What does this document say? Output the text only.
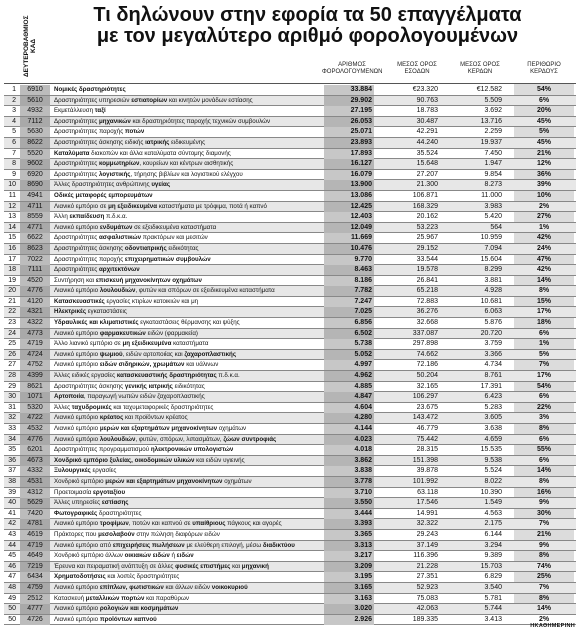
Τι δηλώνουν στην εφορία τα 50 επαγγέλματα
με τον μεγαλύτερο αριθμό φορολογουμένων
ΔΕΥΤΕΡΟΒΑΘΜΙΟΣ ΚΑΔ
ΑΡΙΘΜΟΣ
ΦΟΡΟΛΟΓΟΥΜΕΝΩΝ
ΜΕΣΟΣ ΟΡΟΣ
ΕΣΟΔΩΝ
ΜΕΣΟΣ ΟΡΟΣ
ΚΕΡΔΩΝ
ΠΕΡΙΘΩΡΙΟ
ΚΕΡΔΟΥΣ
1	6910	Νομικές δραστηριότητες	33.884	€23.320	€12.582	54%
2	5610	Δραστηριότητες υπηρεσιών εστιατορίων και κινητών μονάδων εστίασης	29.902	90.763	5.509	6%
3	4932	Εκμετάλλευση ταξί	27.195	18.783	3.692	20%
4	7112	Δραστηριότητες μηχανικών και δραστηριότητες παροχής τεχνικών συμβουλών	26.053	30.487	13.716	45%
5	5630	Δραστηριότητες παροχής ποτών	25.071	42.291	2.259	5%
6	8622	Δραστηριότητες άσκησης ειδικής ιατρικής ειδικευμένης	23.893	44.240	19.937	45%
7	5520	Καταλύματα διακοπών και άλλα καταλύματα σύντομης διαμονής	17.893	35.524	7.450	21%
8	9602	Δραστηριότητες κομμωτηρίων, κουρείων και κέντρων αισθητικής	16.127	15.648	1.947	12%
9	6920	Δραστηριότητες λογιστικής, τήρησης βιβλίων και λογιστικού ελέγχου	16.079	27.207	9.854	36%
10	8690	Άλλες δραστηριότητες ανθρώπινης υγείας	13.900	21.300	8.273	39%
11	4941	Οδικές μεταφορές εμπορευμάτων	13.086	106.871	11.000	10%
12	4711	Λιανικό εμπόριο σε μη εξειδικευμένα καταστήματα με τρόφιμα, ποτά ή καπνό	12.425	168.329	3.983	2%
13	8559	Άλλη εκπαίδευση π.δ.κ.α.	12.403	20.162	5.420	27%
14	4771	Λιανικό εμπόριο ενδυμάτων σε εξειδικευμένα καταστήματα	12.049	53.223	564	1%
15	6622	Δραστηριότητες ασφαλιστικών πρακτόρων και μεσιτών	11.669	25.967	10.959	42%
16	8623	Δραστηριότητες άσκησης οδοντιατρικής ειδικότητας	10.476	29.152	7.094	24%
17	7022	Δραστηριότητες παροχής επιχειρηματικών συμβουλών	9.770	33.544	15.604	47%
18	7111	Δραστηριότητες αρχιτεκτόνων	8.463	19.578	8.299	42%
19	4520	Συντήρηση και επισκευή μηχανοκίνητων οχημάτων	8.186	26.841	3.881	14%
20	4776	Λιανικό εμπόριο λουλουδιών, φυτών και σπόρων σε εξειδικευμένα καταστήματα	7.782	65.218	4.928	8%
21	4120	Κατασκευαστικές εργασίες κτιρίων κατοικιών και μη	7.247	72.883	10.681	15%
22	4321	Ηλεκτρικές εγκαταστάσεις	7.025	36.276	6.063	17%
23	4322	Υδραυλικές και κλιματιστικές εγκαταστάσεις θέρμανσης και ψύξης	6.856	32.668	5.876	18%
24	4773	Λιανικό εμπόριο φαρμακευτικών ειδών (φαρμακεία)	6.502	337.087	20.720	6%
25	4719	Άλλο λιανικό εμπόριο σε μη εξειδικευμένα καταστήματα	5.738	297.898	3.759	1%
26	4724	Λιανικό εμπόριο ψωμιού, ειδών αρτοποιίας και ζαχαροπλαστικής	5.052	74.662	3.366	5%
27	4752	Λιανικό εμπόριο ειδών σιδηρικών, χρωμάτων και υάλινων	4.997	72.186	4.734	7%
28	4399	Άλλες ειδικές εργασίες κατασκευαστικής δραστηριότητας π.δ.κ.α.	4.962	50.204	8.761	17%
29	8621	Δραστηριότητες άσκησης γενικής ιατρικής ειδικότητας	4.885	32.165	17.391	54%
30	1071	Αρτοποιία, παραγωγή νωπών ειδών ζαχαροπλαστικής	4.847	106.297	6.423	6%
31	5320	Άλλες ταχυδρομικές και ταχυμεταφορικές δραστηριότητες	4.604	23.675	5.283	22%
32	4722	Λιανικό εμπόριο κρέατος και προϊόντων κρέατος	4.280	143.472	3.605	3%
33	4532	Λιανικό εμπόριο μερών και εξαρτημάτων μηχανοκίνητων οχημάτων	4.144	46.779	3.638	8%
34	4776	Λιανικό εμπόριο λουλουδιών, φυτών, σπόρων, λιπασμάτων, ζώων συντροφιάς	4.023	75.442	4.659	6%
35	6201	Δραστηριότητες προγραμματισμού ηλεκτρονικών υπολογιστών	4.018	28.315	15.535	55%
36	4673	Χονδρικό εμπόριο ξυλείας, οικοδομικών υλικών και ειδών υγιεινής	3.862	151.398	9.538	6%
37	4332	Ξυλουργικές εργασίες	3.838	39.878	5.524	14%
38	4531	Χονδρικό εμπόριο μερών και εξαρτημάτων μηχανοκίνητων οχημάτων	3.778	101.992	8.022	8%
39	4312	Προετοιμασία εργοταξίου	3.710	63.118	10.390	16%
40	5629	Άλλες υπηρεσίες εστίασης	3.550	17.546	1.549	9%
41	7420	Φωτογραφικές δραστηριότητες	3.444	14.991	4.563	30%
42	4781	Λιανικό εμπόριο τροφίμων, ποτών και καπνού σε υπαίθριους πάγκους και αγορές	3.393	32.322	2.175	7%
43	4619	Πράκτορες που μεσολαβούν στην πώληση διαφόρων ειδών	3.365	29.243	6.144	21%
44	4719	Λιανικό εμπόριο από επιχειρήσεις πωλήσεων με ελεύθερη επιλογή, μέσω διαδικτύου	3.313	37.149	3.294	9%
45	4649	Χονδρικό εμπόριο άλλων οικιακών ειδών ή ειδών	3.217	116.396	9.389	8%
46	7219	Έρευνα και πειραματική ανάπτυξη σε άλλες φυσικές επιστήμες και μηχανική	3.209	21.228	15.703	74%
47	6434	Χρηματοδοτήσεις και λοιπές δραστηριότητες	3.195	27.351	6.829	25%
48	4759	Λιανικό εμπόριο επίπλων, φωτιστικών και άλλων ειδών νοικοκυριού	3.165	52.923	3.540	7%
49	2512	Κατασκευή μεταλλικών πορτών και παραθύρων	3.163	75.083	5.781	8%
50	4777	Λιανικό εμπόριο ρολογιών και κοσμημάτων	3.020	42.063	5.744	14%
50	4726	Λιανικό εμπόριο προϊόντων καπνού	2.926	189.335	3.413	2%
ΗΚΑΘΗΜΕΡΙΝΗ
